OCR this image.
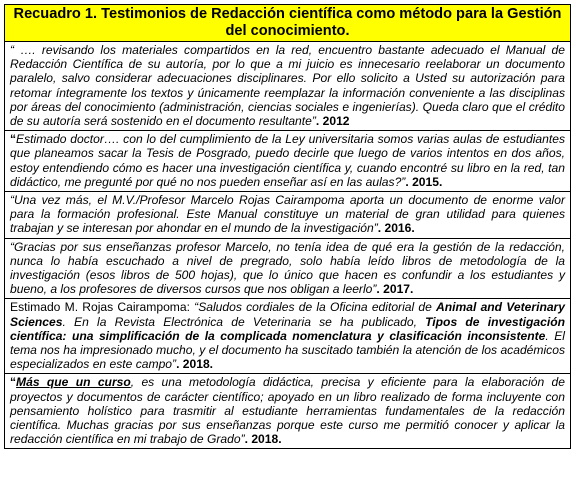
Recuadro 1. Testimonios de Redacción científica como método para la Gestión del conocimiento.
“ …. revisando los materiales compartidos en la red, encuentro bastante adecuado el Manual de Redacción Científica de su autoría, por lo que a mi juicio es innecesario reelaborar un documento paralelo, salvo considerar adecuaciones disciplinares. Por ello solicito a Usted su autorización para retomar íntegramente los textos y únicamente reemplazar la información conveniente a las disciplinas por áreas del conocimiento (administración, ciencias sociales e ingenierías). Queda claro que el crédito de su autoría será sostenido en el documento resultante”. 2012
“Estimado doctor…. con lo del cumplimiento de la Ley universitaria somos varias aulas de estudiantes que planeamos sacar la Tesis de Posgrado, puedo decirle que luego de varios intentos en dos años, estoy entendiendo cómo es hacer una investigación científica y, cuando encontré su libro en la red, tan didáctico, me pregunté por qué no nos pueden enseñar así en las aulas?”. 2015.
“Una vez más, el M.V./Profesor Marcelo Rojas Cairampoma aporta un documento de enorme valor para la formación profesional. Este Manual constituye un material de gran utilidad para quienes trabajan y se interesan por ahondar en el mundo de la investigación”. 2016.
“Gracias por sus enseñanzas profesor Marcelo, no tenía idea de qué era la gestión de la redacción, nunca lo había escuchado a nivel de pregrado, solo había leído libros de metodología de la investigación (esos libros de 500 hojas), que lo único que hacen es confundir a los estudiantes y bueno, a los profesores de diversos cursos que nos obligan a leerlo”. 2017.
Estimado M. Rojas Cairampoma: “Saludos cordiales de la Oficina editorial de Animal and Veterinary Sciences. En la Revista Electrónica de Veterinaria se ha publicado, Tipos de investigación científica: una simplificación de la complicada nomenclatura y clasificación inconsistente. El tema nos ha impresionado mucho, y el documento ha suscitado también la atención de los académicos especializados en este campo”. 2018.
“Más que un curso, es una metodología didáctica, precisa y eficiente para la elaboración de proyectos y documentos de carácter científico; apoyado en un libro realizado de forma incluyente con pensamiento holístico para trasmitir al estudiante herramientas fundamentales de la redacción científica. Muchas gracias por sus enseñanzas porque este curso me permitió conocer y aplicar la redacción científica en mi trabajo de Grado”. 2018.
